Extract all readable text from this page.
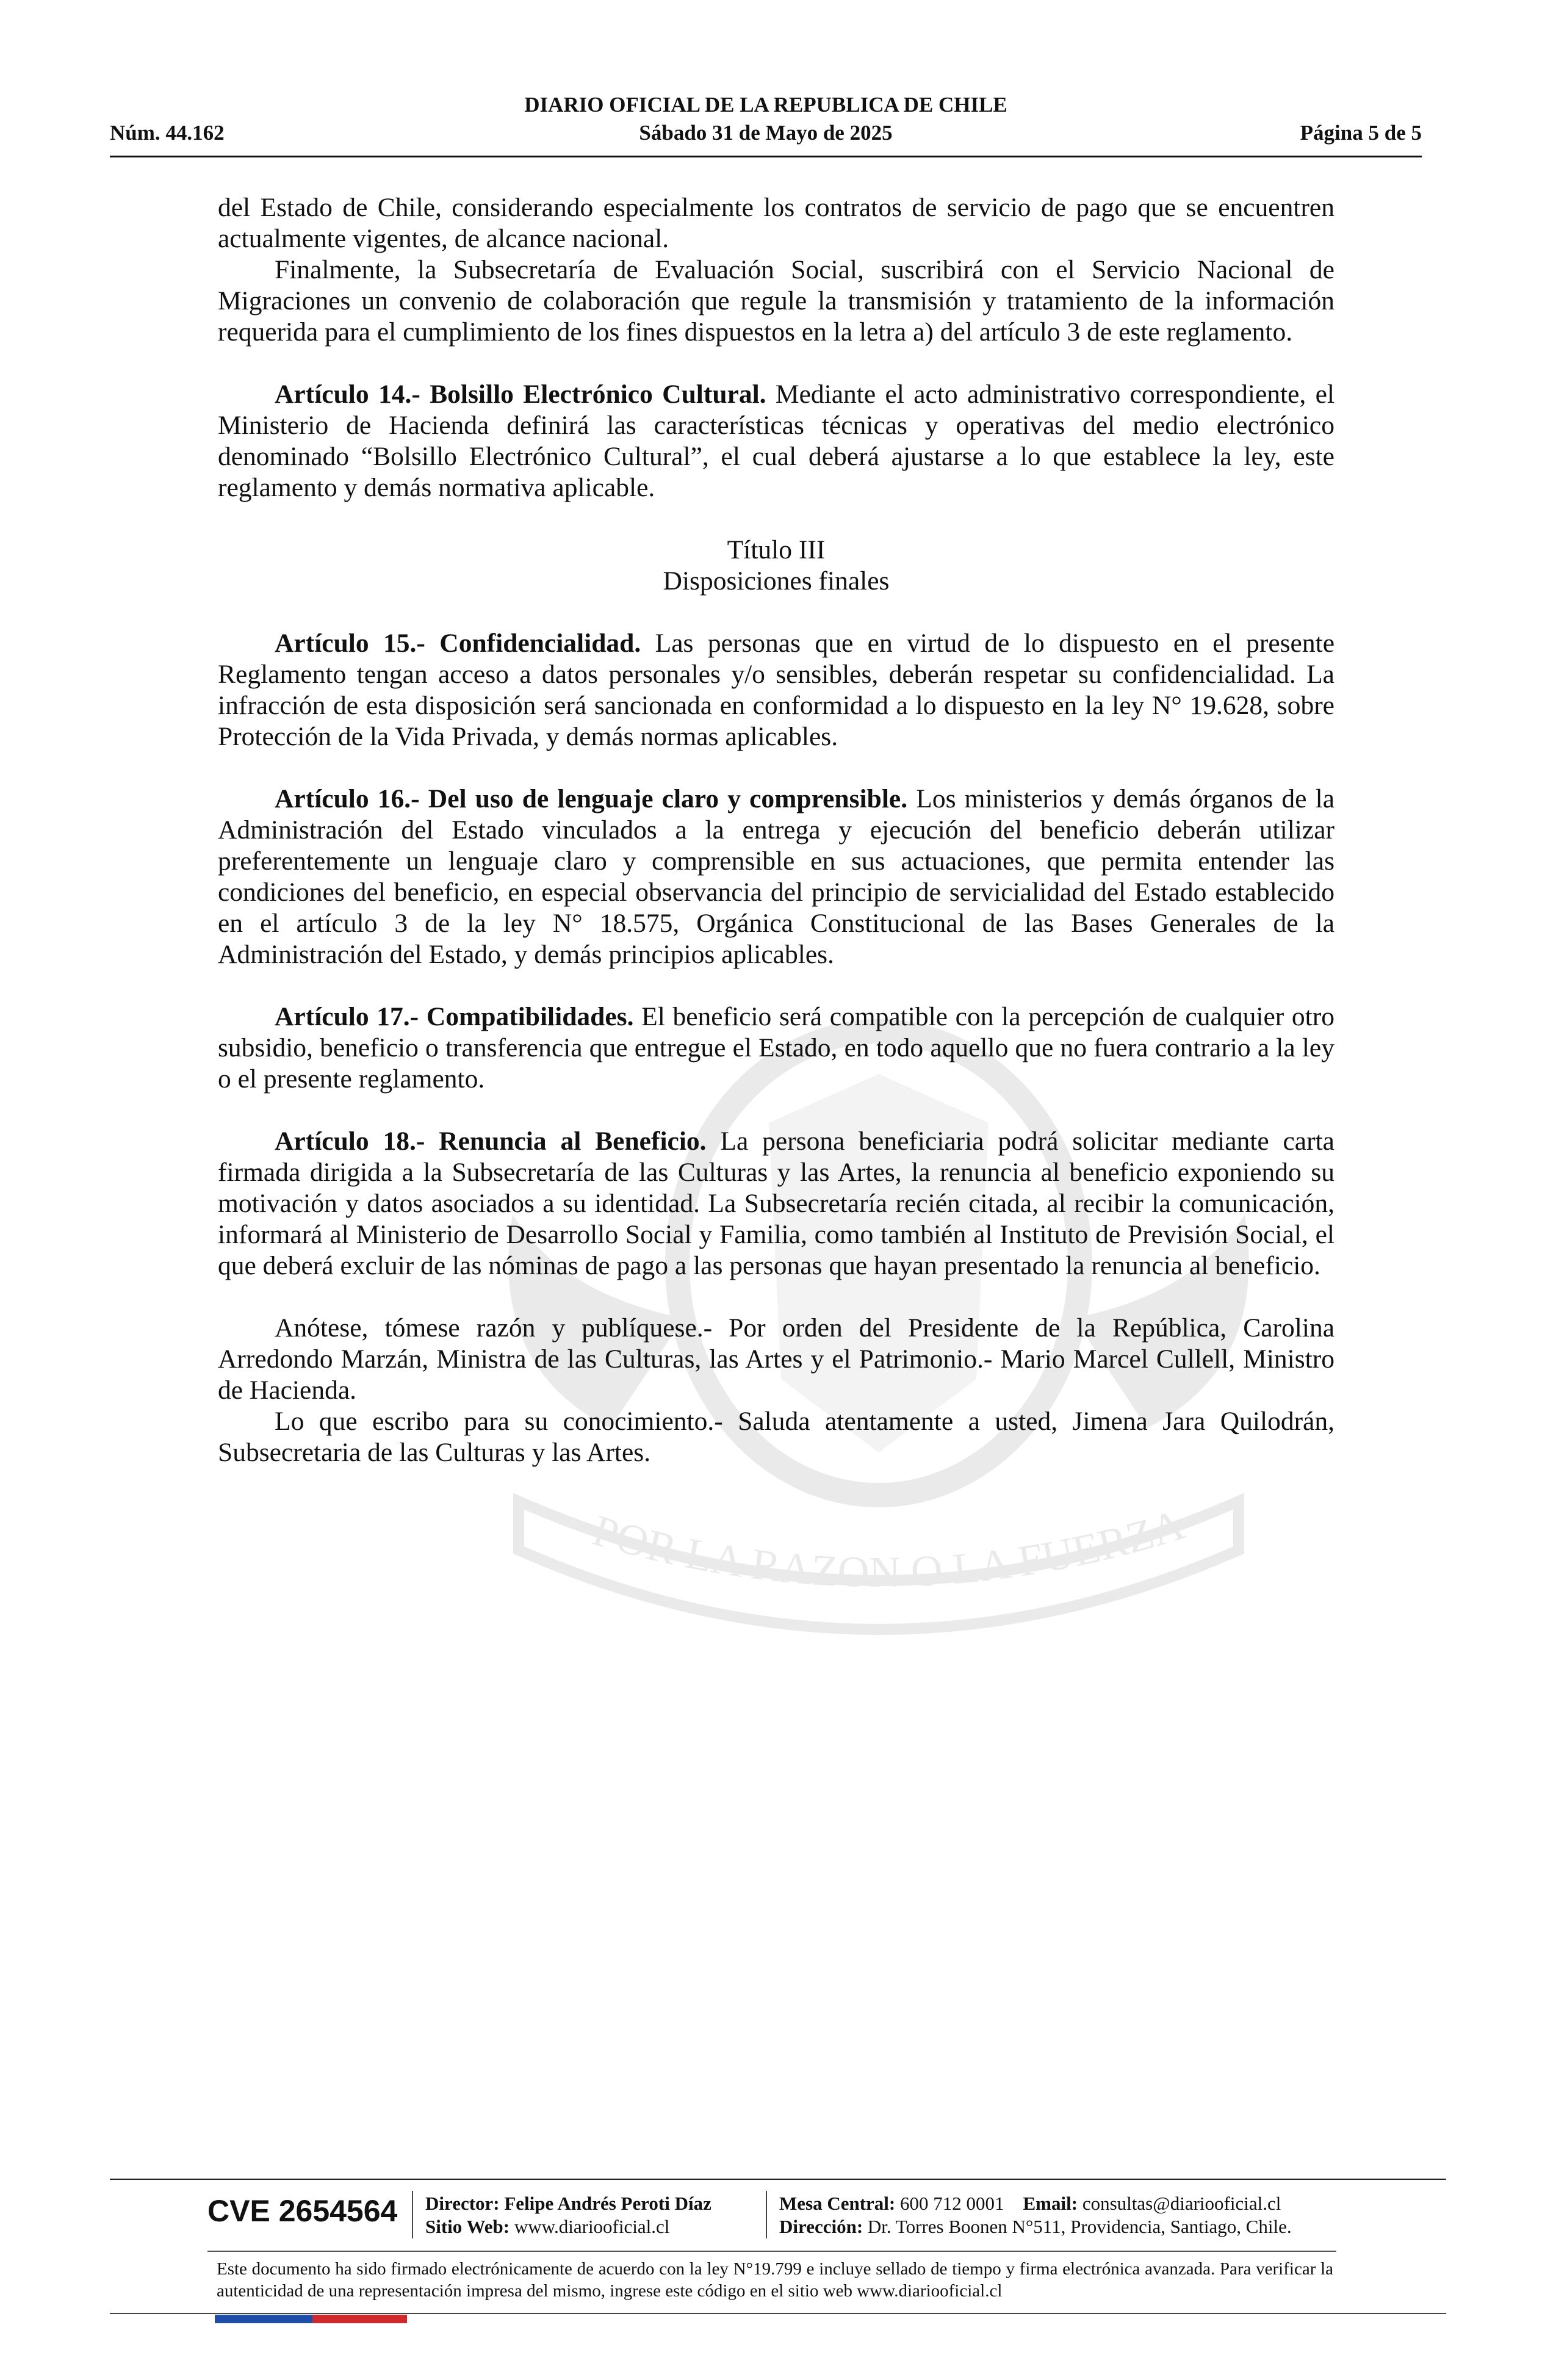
POR LA RAZON O LA FUERZA
DIARIO OFICIAL DE LA REPUBLICA DE CHILE
Núm. 44.162	Sábado 31 de Mayo de 2025	Página 5 de 5

del Estado de Chile, considerando especialmente los contratos de servicio de pago que se encuentren actualmente vigentes, de alcance nacional.

Finalmente, la Subsecretaría de Evaluación Social, suscribirá con el Servicio Nacional de Migraciones un convenio de colaboración que regule la transmisión y tratamiento de la información requerida para el cumplimiento de los fines dispuestos en la letra a) del artículo 3 de este reglamento.

Artículo 14.- Bolsillo Electrónico Cultural. Mediante el acto administrativo correspondiente, el Ministerio de Hacienda definirá las características técnicas y operativas del medio electrónico denominado “Bolsillo Electrónico Cultural”, el cual deberá ajustarse a lo que establece la ley, este reglamento y demás normativa aplicable.

Título III

Disposiciones finales

Artículo 15.- Confidencialidad. Las personas que en virtud de lo dispuesto en el presente Reglamento tengan acceso a datos personales y/o sensibles, deberán respetar su confidencialidad. La infracción de esta disposición será sancionada en conformidad a lo dispuesto en la ley N° 19.628, sobre Protección de la Vida Privada, y demás normas aplicables.

Artículo 16.- Del uso de lenguaje claro y comprensible. Los ministerios y demás órganos de la Administración del Estado vinculados a la entrega y ejecución del beneficio deberán utilizar preferentemente un lenguaje claro y comprensible en sus actuaciones, que permita entender las condiciones del beneficio, en especial observancia del principio de servicialidad del Estado establecido en el artículo 3 de la ley N° 18.575, Orgánica Constitucional de las Bases Generales de la Administración del Estado, y demás principios aplicables.

Artículo 17.- Compatibilidades. El beneficio será compatible con la percepción de cualquier otro subsidio, beneficio o transferencia que entregue el Estado, en todo aquello que no fuera contrario a la ley o el presente reglamento.

Artículo 18.- Renuncia al Beneficio. La persona beneficiaria podrá solicitar mediante carta firmada dirigida a la Subsecretaría de las Culturas y las Artes, la renuncia al beneficio exponiendo su motivación y datos asociados a su identidad. La Subsecretaría recién citada, al recibir la comunicación, informará al Ministerio de Desarrollo Social y Familia, como también al Instituto de Previsión Social, el que deberá excluir de las nóminas de pago a las personas que hayan presentado la renuncia al beneficio.

Anótese, tómese razón y publíquese.- Por orden del Presidente de la República, Carolina Arredondo Marzán, Ministra de las Culturas, las Artes y el Patrimonio.- Mario Marcel Cullell, Ministro de Hacienda.

Lo que escribo para su conocimiento.- Saluda atentamente a usted, Jimena Jara Quilodrán, Subsecretaria de las Culturas y las Artes.

CVE 2654564 Director: Felipe Andrés Peroti Díaz
Sitio Web: www.diariooficial.cl
Mesa Central: 600 712 0001 Email: consultas@diariooficial.cl
Dirección: Dr. Torres Boonen N°511, Providencia, Santiago, Chile.
Este documento ha sido firmado electrónicamente de acuerdo con la ley N°19.799 e incluye sellado de tiempo y firma electrónica avanzada. Para verificar la autenticidad de una representación impresa del mismo, ingrese este código en el sitio web www.diariooficial.cl
